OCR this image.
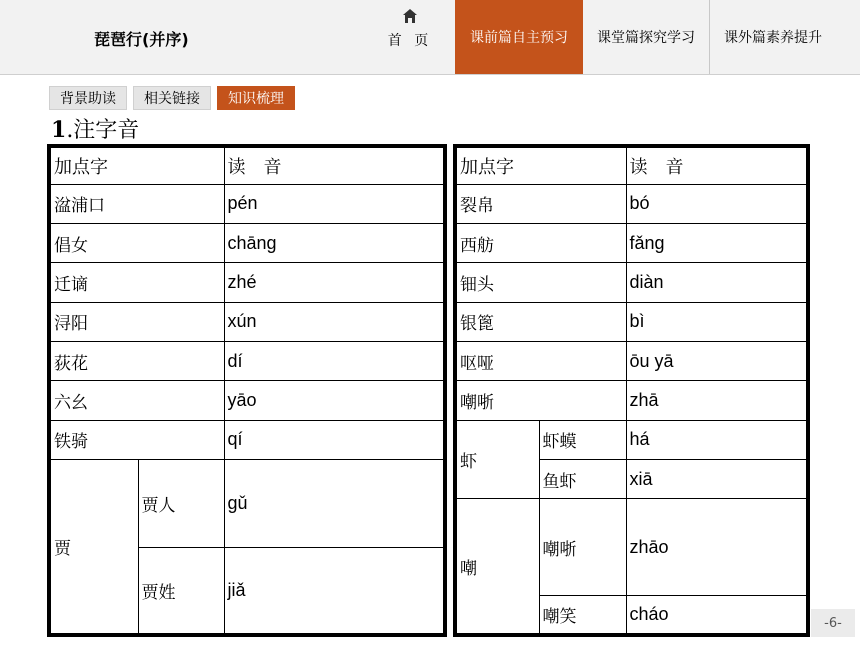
琵琶行(并序)	首 页	课前篇自主预习	课堂篇探究学习	课外篇素养提升
背景助读	相关链接	知识梳理
1.注字音
加点字		读　音
湓浦口		pén
倡女		chāng
迁谪		zhé
浔阳		xún
荻花		dí
六幺		yāo
铁骑		qí
贾	贾人	gǔ
	贾姓	jiǎ
加点字		读　音
裂帛		bó
西舫		fǎng
钿头		diàn
银篦		bì
呕哑		ōu yā
嘲哳		zhā
虾	虾蟆	há
	鱼虾	xiā
嘲	嘲哳	zhāo
	嘲笑	cháo	-6-
